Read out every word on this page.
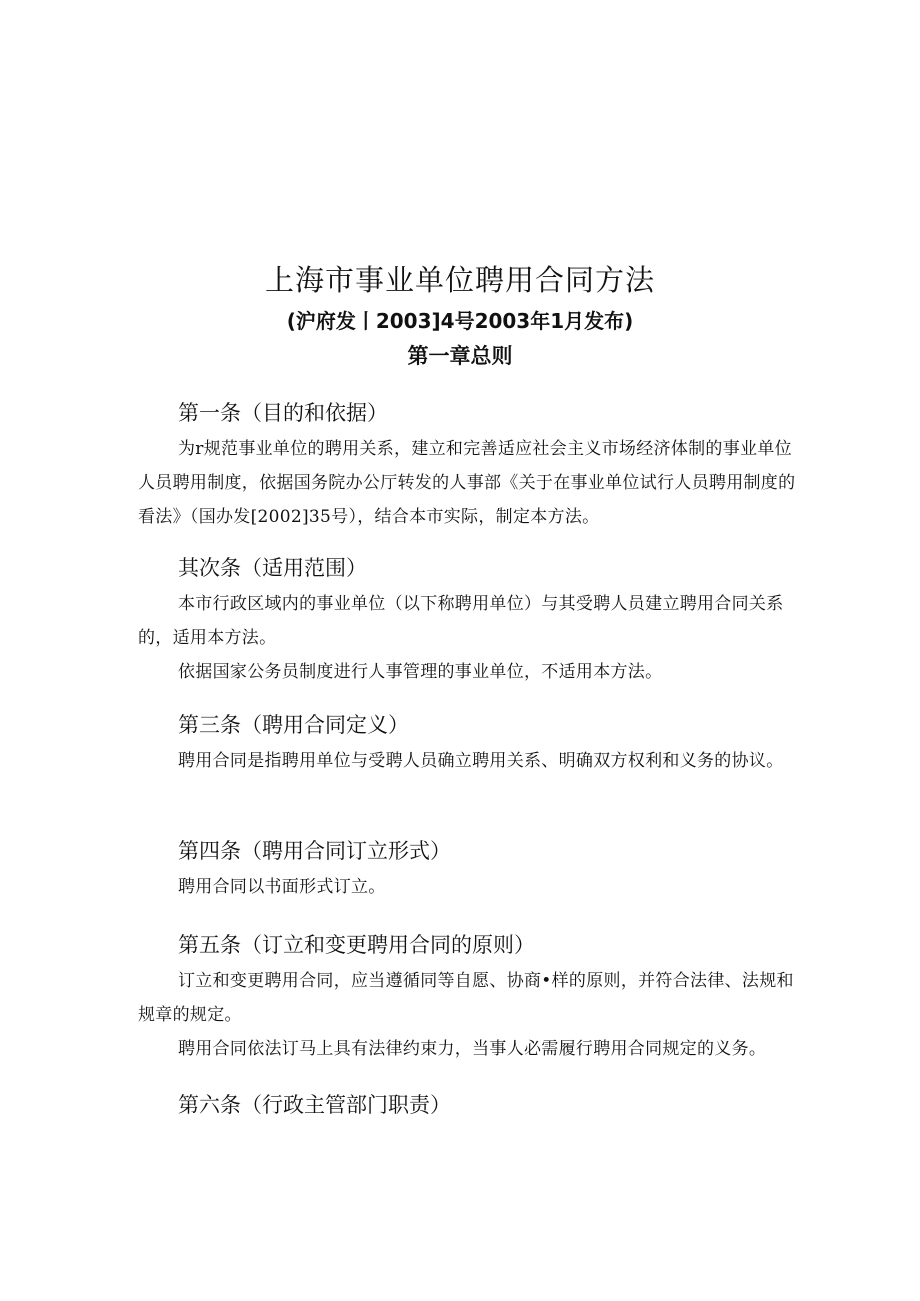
上海市事业单位聘用合同方法
(沪府发丨2003]4号2003年1月发布)
第一章总则
第一条（目的和依据）

为r规范事业单位的聘用关系，建立和完善适应社会主义市场经济体制的事业单位人员聘用制度，依据国务院办公厅转发的人事部《关于在事业单位试行人员聘用制度的看法》（国办发[2002]35号），结合本市实际，制定本方法。

其次条（适用范围）

本市行政区域内的事业单位（以下称聘用单位）与其受聘人员建立聘用合同关系的，适用本方法。

依据国家公务员制度进行人事管理的事业单位，不适用本方法。

第三条（聘用合同定义）

聘用合同是指聘用单位与受聘人员确立聘用关系、明确双方权利和义务的协议。

第四条（聘用合同订立形式）

聘用合同以书面形式订立。

第五条（订立和变更聘用合同的原则）

订立和变更聘用合同，应当遵循同等自愿、协商•样的原则，并符合法律、法规和规章的规定。

聘用合同依法订马上具有法律约束力，当事人必需履行聘用合同规定的义务。

第六条（行政主管部门职责）
